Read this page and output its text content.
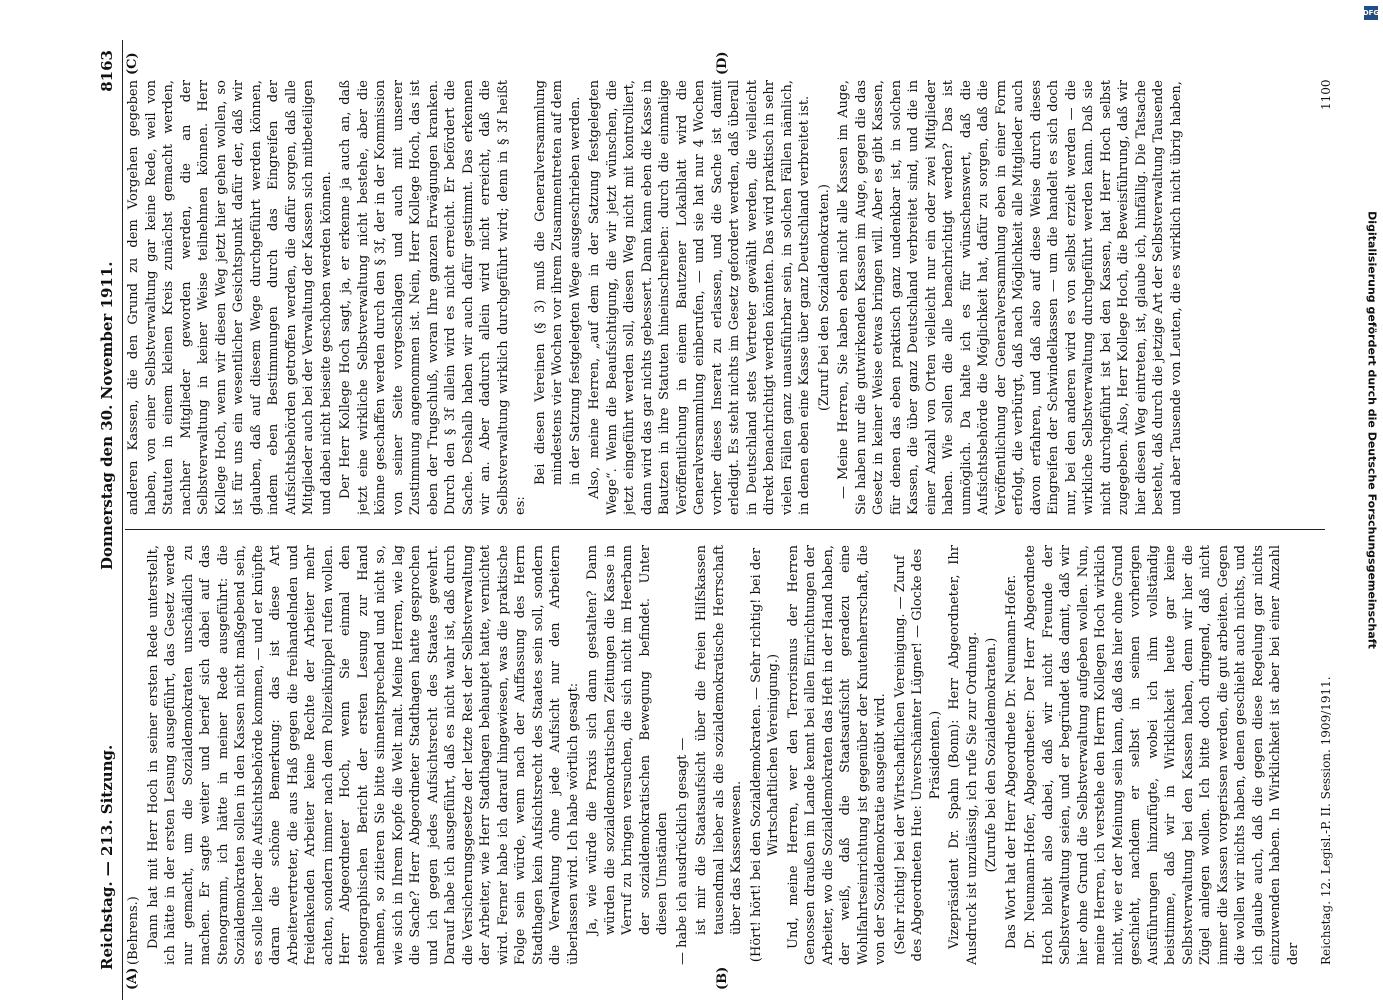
Reichstag. — 213. Sitzung.
Donnerstag den 30. November 1911.
8163
(A)	(B)
(C)	(D)

(Behrens.) Dann hat mit Herr Hoch in seiner ersten Rede unterstellt, ich hätte in der ersten Lesung ausgeführt, das Gesetz werde nur gemacht, um die Sozialdemokraten unschädlich zu machen. Er sagte weiter und berief sich dabei auf das Stenogramm, ich hätte in meiner Rede ausgeführt: die Sozialdemokraten sollen in den Kassen nicht maßgebend sein, es solle lieber die Aufsichtsbehörde kommen, — und er knüpfte daran die schöne Bemerkung: das ist diese Art Arbeitervertreter, die aus Haß gegen die freihandelnden und freidenkenden Arbeiter keine Rechte der Arbeiter mehr achten, sondern immer nach dem Polizeiknüppel rufen wollen. Herr Abgeordneter Hoch, wenn Sie einmal den stenographischen Bericht der ersten Lesung zur Hand nehmen, so zitieren Sie bitte sinnentsprechend und nicht so, wie sich in Ihrem Kopfe die Welt malt. Meine Herren, wie lag die Sache? Herr Abgeordneter Stadthagen hatte gesprochen und ich gegen jedes Aufsichtsrecht des Staates gewehrt. Darauf habe ich ausgeführt, daß es nicht wahr ist, daß durch die Versicherungsgesetze der letzte Rest der Selbstverwaltung der Arbeiter, wie Herr Stadthagen behauptet hatte, vernichtet wird. Ferner habe ich darauf hingewiesen, was die praktische Folge sein würde, wenn nach der Auffassung des Herrn Stadthagen kein Aufsichtsrecht des Staates sein soll, sondern die Verwaltung ohne jede Aufsicht nur den Arbeitern überlassen wird. Ich habe wörtlich gesagt: Ja, wie würde die Praxis sich dann gestalten? Dann würden die sozialdemokratischen Zeitungen die Kasse in Verruf zu bringen versuchen, die sich nicht im Heerbann der sozialdemokratischen Bewegung befindet. Unter diesen Umständen — habe ich ausdrücklich gesagt — ist mir die Staatsaufsicht über die freien Hilfskassen tausendmal lieber als die sozialdemokratische Herrschaft über das Kassenwesen. (Hört! hört! bei den Sozialdemokraten. — Sehr richtig! bei der Wirtschaftlichen Vereinigung.) Und, meine Herren, wer den Terrorismus der Herren Genossen draußen im Lande kennt bei allen Einrichtungen der Arbeiter, wo die Sozialdemokraten das Heft in der Hand haben, der weiß, daß die Staatsaufsicht geradezu eine Wohlfahrtseinrichtung ist gegenüber der Knutenherrschaft, die von der Sozialdemokratie ausgeübt wird. (Sehr richtig! bei der Wirtschaftlichen Vereinigung. — Zuruf des Abgeordneten Hue: Unverschämter Lügner! — Glocke des Präsidenten.) Vizepräsident Dr. Spahn (Bonn): Herr Abgeordneter, Ihr Ausdruck ist unzulässig, ich rufe Sie zur Ordnung. (Zurufe bei den Sozialdemokraten.) Das Wort hat der Herr Abgeordnete Dr. Neumann-Hofer. Dr. Neumann-Hofer, Abgeordneter: Der Herr Abgeordnete Hoch bleibt also dabei, daß wir nicht Freunde der Selbstverwaltung seien, und er begründet das damit, daß wir hier ohne Grund die Selbstverwaltung aufgeben wollen. Nun, meine Herren, ich verstehe den Herrn Kollegen Hoch wirklich nicht, wie er der Meinung sein kann, daß das hier ohne Grund geschieht, nachdem er selbst in seinen vorherigen Ausführungen hinzufügte, wobei ich ihm vollständig beistimme, daß wir in Wirklichkeit heute gar keine Selbstverwaltung bei den Kassen haben, denn wir hier die Zügel anlegen wollen. Ich bitte doch dringend, daß nicht immer die Kassen vorgerissen werden, die gut arbeiten. Gegen die wollen wir nichts haben, denen geschieht auch nichts, und ich glaube auch, daß die gegen diese Regelung gar nichts einzuwenden haben. In Wirklichkeit ist aber bei einer Anzahl der

anderen Kassen, die den Grund zu dem Vorgehen gegeben haben, von einer Selbstverwaltung gar keine Rede, weil von Statuten in einem kleinen Kreis zunächst gemacht werden, nachher Mitglieder geworden werden, die an der Selbstverwaltung in keiner Weise teilnehmen können. Herr Kollege Hoch, wenn wir diesen Weg jetzt hier gehen wollen, so ist für uns ein wesentlicher Gesichtspunkt dafür der, daß wir glauben, daß auf diesem Wege durchgeführt werden können, indem eben Bestimmungen durch das Eingreifen der Aufsichtsbehörden getroffen werden, die dafür sorgen, daß alle Mitglieder auch bei der Verwaltung der Kassen sich mitbeteiligen und dabei nicht beiseite geschoben werden können. Der Herr Kollege Hoch sagt, ja, er erkenne ja auch an, daß jetzt eine wirkliche Selbstverwaltung nicht bestehe, aber die könne geschaffen werden durch den § 3f, der in der Kommission von seiner Seite vorgeschlagen und auch mit unserer Zustimmung angenommen ist. Nein, Herr Kollege Hoch, das ist eben der Trugschluß, woran Ihre ganzen Erwägungen kranken. Durch den § 3f allein wird es nicht erreicht. Er befördert die Sache. Deshalb haben wir auch dafür gestimmt. Das erkennen wir an. Aber dadurch allein wird nicht erreicht, daß die Selbstverwaltung wirklich durchgeführt wird; denn in § 3f heißt es:

Bei diesen Vereinen (§ 3) muß die Generalversammlung mindestens vier Wochen vor ihrem Zusammentreten auf dem in der Satzung festgelegten Wege ausgeschrieben werden. Also, meine Herren, „auf dem in der Satzung festgelegten Wege“. Wenn die Beaufsichtigung, die wir jetzt wünschen, die jetzt eingeführt werden soll, diesen Weg nicht mit kontrolliert, dann wird das gar nichts gebessert. Dann kann eben die Kasse in Bautzen in ihre Statuten hineinschreiben: durch die einmalige Veröffentlichung in einem Bautzener Lokalblatt wird die Generalversammlung einberufen, — und sie hat nur 4 Wochen vorher dieses Inserat zu erlassen, und die Sache ist damit erledigt. Es steht nichts im Gesetz gefordert werden, daß überall in Deutschland stets Vertreter gewählt werden, die vielleicht direkt benachrichtigt werden könnten. Das wird praktisch in sehr vielen Fällen ganz unausführbar sein, in solchen Fällen nämlich, in denen eben eine Kasse über ganz Deutschland verbreitet ist. (Zuruf bei den Sozialdemokraten.) — Meine Herren, Sie haben eben nicht alle Kassen im Auge, Sie haben nur die gutwirkenden Kassen im Auge, gegen die das Gesetz in keiner Weise etwas bringen will. Aber es gibt Kassen, für denen das eben praktisch ganz undenkbar ist, in solchen Kassen, die über ganz Deutschland verbreitet sind, und die in einer Anzahl von Orten vielleicht nur ein oder zwei Mitglieder haben. Wie sollen die alle benachrichtigt werden? Das ist unmöglich. Da halte ich es für wünschenswert, daß die Aufsichtsbehörde die Möglichkeit hat, dafür zu sorgen, daß die Veröffentlichung der Generalversammlung eben in einer Form erfolgt, die verbürgt, daß nach Möglichkeit alle Mitglieder auch davon erfahren, und daß also auf diese Weise durch dieses Eingreifen der Schwindelkassen — um die handelt es sich doch nur, bei den anderen wird es von selbst erzielt werden — die wirkliche Selbstverwaltung durchgeführt werden kann. Daß sie nicht durchgeführt ist bei den Kassen, hat Herr Hoch selbst zugegeben. Also, Herr Kollege Hoch, die Beweisführung, daß wir hier diesen Weg eintreten, ist, glaube ich, hinfällig. Die Tatsache besteht, daß durch die jetzige Art der Selbstverwaltung Tausende und aber Tausende von Leuten, die es wirklich nicht übrig haben,

Reichstag. 12. Legisl.-P. II. Session. 1909/1911.
1100
DFG
Digitalisierung gefördert durch die Deutsche Forschungsgemeinschaft
